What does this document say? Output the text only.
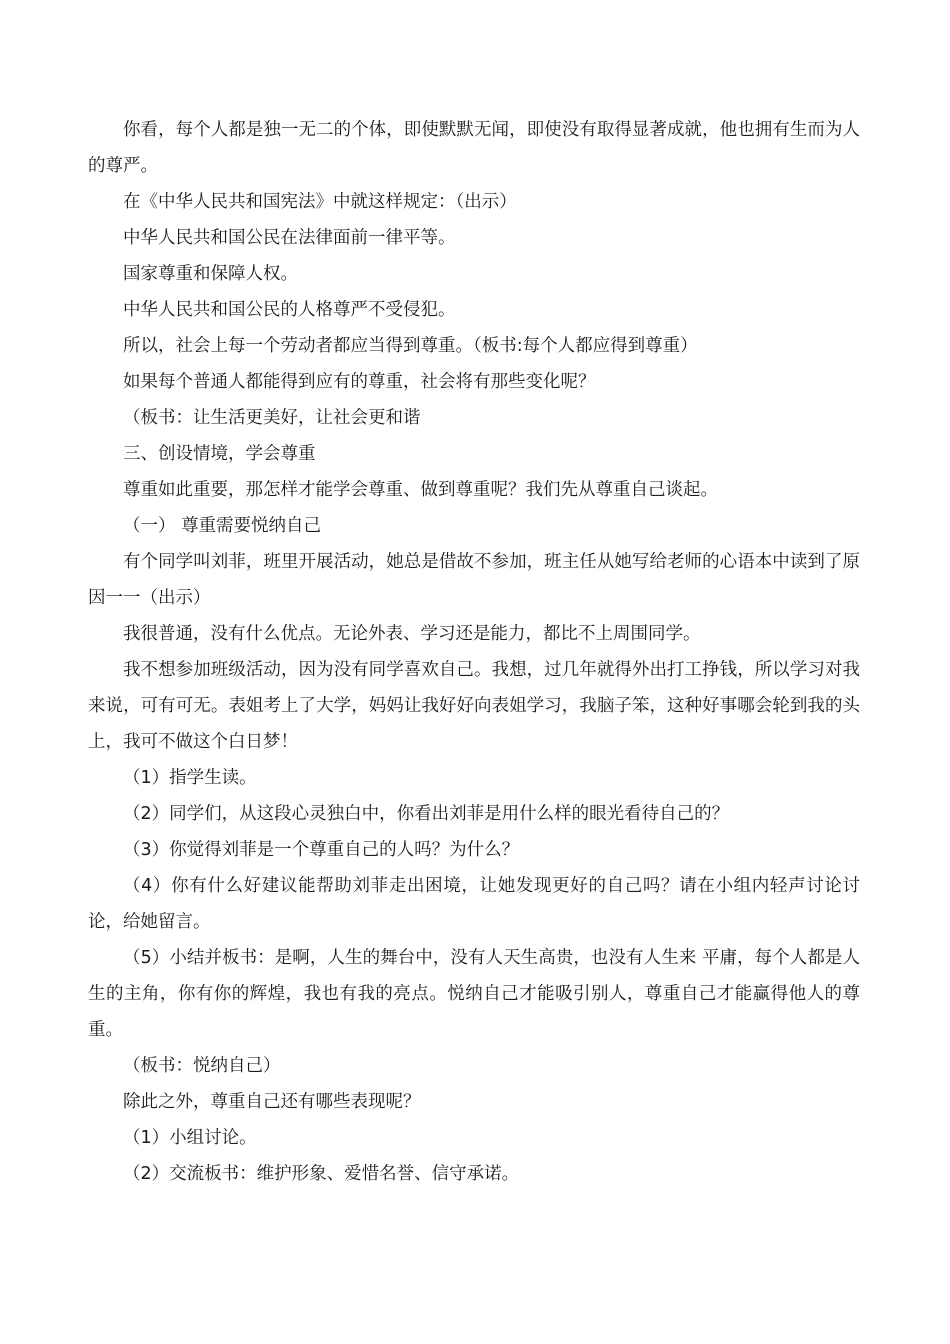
你看，每个人都是独一无二的个体，即使默默无闻，即使没有取得显著成就，他也拥有生而为人的尊严。

在《中华人民共和国宪法》中就这样规定：（出示）

中华人民共和国公民在法律面前一律平等。

国家尊重和保障人权。

中华人民共和国公民的人格尊严不受侵犯。

所以，社会上每一个劳动者都应当得到尊重。（板书:每个人都应得到尊重）

如果每个普通人都能得到应有的尊重，社会将有那些变化呢？

（板书：让生活更美好，让社会更和谐

三、创设情境，学会尊重

尊重如此重要，那怎样才能学会尊重、做到尊重呢？我们先从尊重自己谈起。

（一） 尊重需要悦纳自己

有个同学叫刘菲，班里开展活动，她总是借故不参加，班主任从她写给老师的心语本中读到了原因一一（出示）

我很普通，没有什么优点。无论外表、学习还是能力，都比不上周围同学。

我不想参加班级活动，因为没有同学喜欢自己。我想，过几年就得外出打工挣钱，所以学习对我来说，可有可无。表姐考上了大学，妈妈让我好好向表姐学习，我脑子笨，这种好事哪会轮到我的头上，我可不做这个白日梦！

（1）指学生读。

（2）同学们，从这段心灵独白中，你看出刘菲是用什么样的眼光看待自己的？

（3）你觉得刘菲是一个尊重自己的人吗？为什么？

（4）你有什么好建议能帮助刘菲走出困境，让她发现更好的自己吗？请在小组内轻声讨论讨论，给她留言。

（5）小结并板书：是啊，人生的舞台中，没有人天生高贵，也没有人生来 平庸，每个人都是人生的主角，你有你的辉煌，我也有我的亮点。悦纳自己才能吸引别人，尊重自己才能赢得他人的尊重。

（板书：悦纳自己）

除此之外，尊重自己还有哪些表现呢？

（1）小组讨论。

（2）交流板书：维护形象、爱惜名誉、信守承诺。
